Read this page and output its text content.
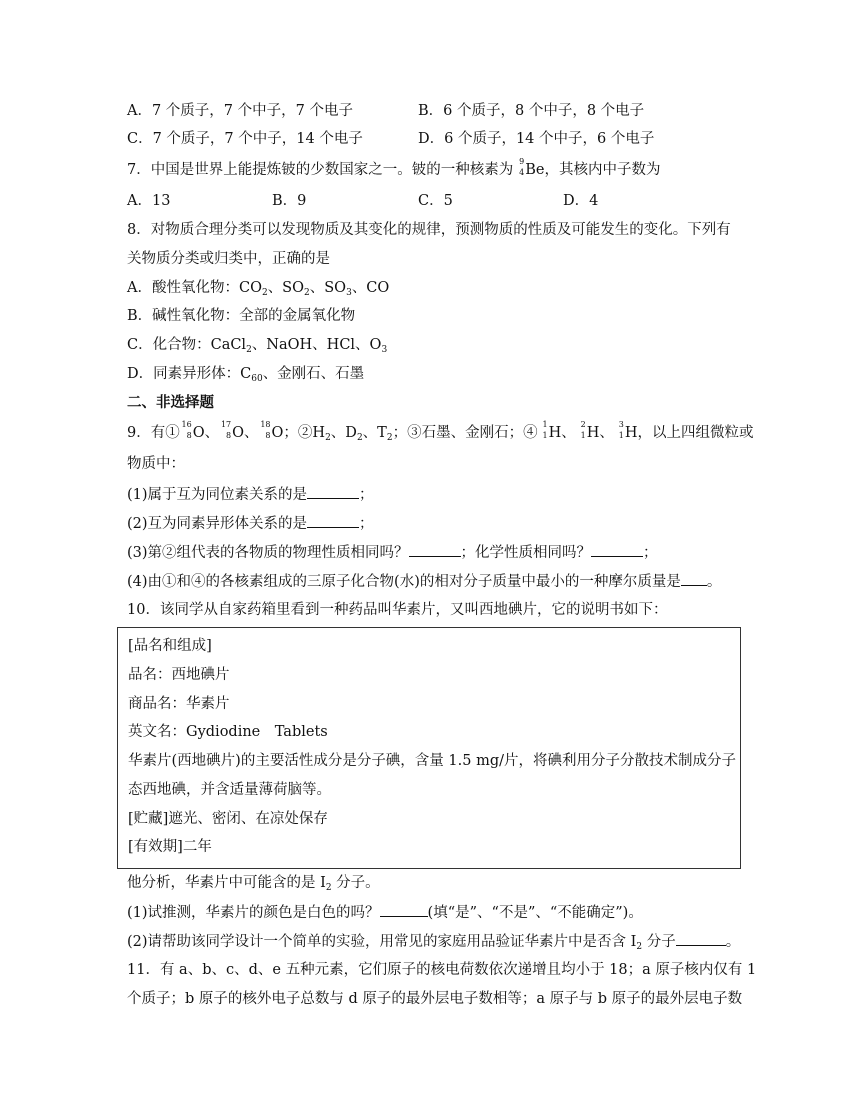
A．7 个质子，7 个中子，7 个电子	B．6 个质子，8 个中子，8 个电子
C．7 个质子，7 个中子，14 个电子	D．6 个质子，14 个中子，6 个电子
7．中国是世界上能提炼铍的少数国家之一。铍的一种核素为
9
4 Be，其核内中子数为
A．13	B．9	C．5	D．4
8．对物质合理分类可以发现物质及其变化的规律，预测物质的性质及可能发生的变化。下列有
关物质分类或归类中，正确的是
A．酸性氧化物：$CO_2$、$SO_2$、$SO_3$、CO
B．碱性氧化物：全部的金属氧化物
C．化合物：CaCl$_2$、NaOH、HCl、$O_3$
D．同素异形体：$C_{60}$、金刚石、石墨
二、非选择题
9．有①
16
8 O、
17
8 O、
18
8 O；$②H_2$、$D_2$、$T_2$；③石墨、金刚石；④
1
1 H、
2
1 H、
3
1 H，以上四组微粒或
物质中：
(1)属于互为同位素关系的是	；
(2)互为同素异形体关系的是	；
(3)第②组代表的各物质的物理性质相同吗？	；化学性质相同吗？	；
(4)由①和④的各核素组成的三原子化合物(水)的相对分子质量中最小的一种摩尔质量是 。
10．该同学从自家药箱里看到一种药品叫华素片，又叫西地碘片，它的说明书如下：
[品名和组成]
品名：西地碘片
商品名：华素片
英文名：Gydiodine　Tablets
华素片(西地碘片)的主要活性成分是分子碘，含量 1.5 mg/片，将碘利用分子分散技术制成分子
态西地碘，并含适量薄荷脑等。
[贮藏]遮光、密闭、在凉处保存
[有效期]二年
他分析，华素片中可能含的是 $I_2$ 分子。
(1)试推测，华素片的颜色是白色的吗？	(填“是”、“不是”、“不能确定”)。
(2)请帮助该同学设计一个简单的实验，用常见的家庭用品验证华素片中是否含 $I_2$ 分子	。
11．有 a、b、c、d、e 五种元素，它们原子的核电荷数依次递增且均小于 18；a 原子核内仅有 1
个质子；b 原子的核外电子总数与 d 原子的最外层电子数相等；a 原子与 b 原子的最外层电子数
